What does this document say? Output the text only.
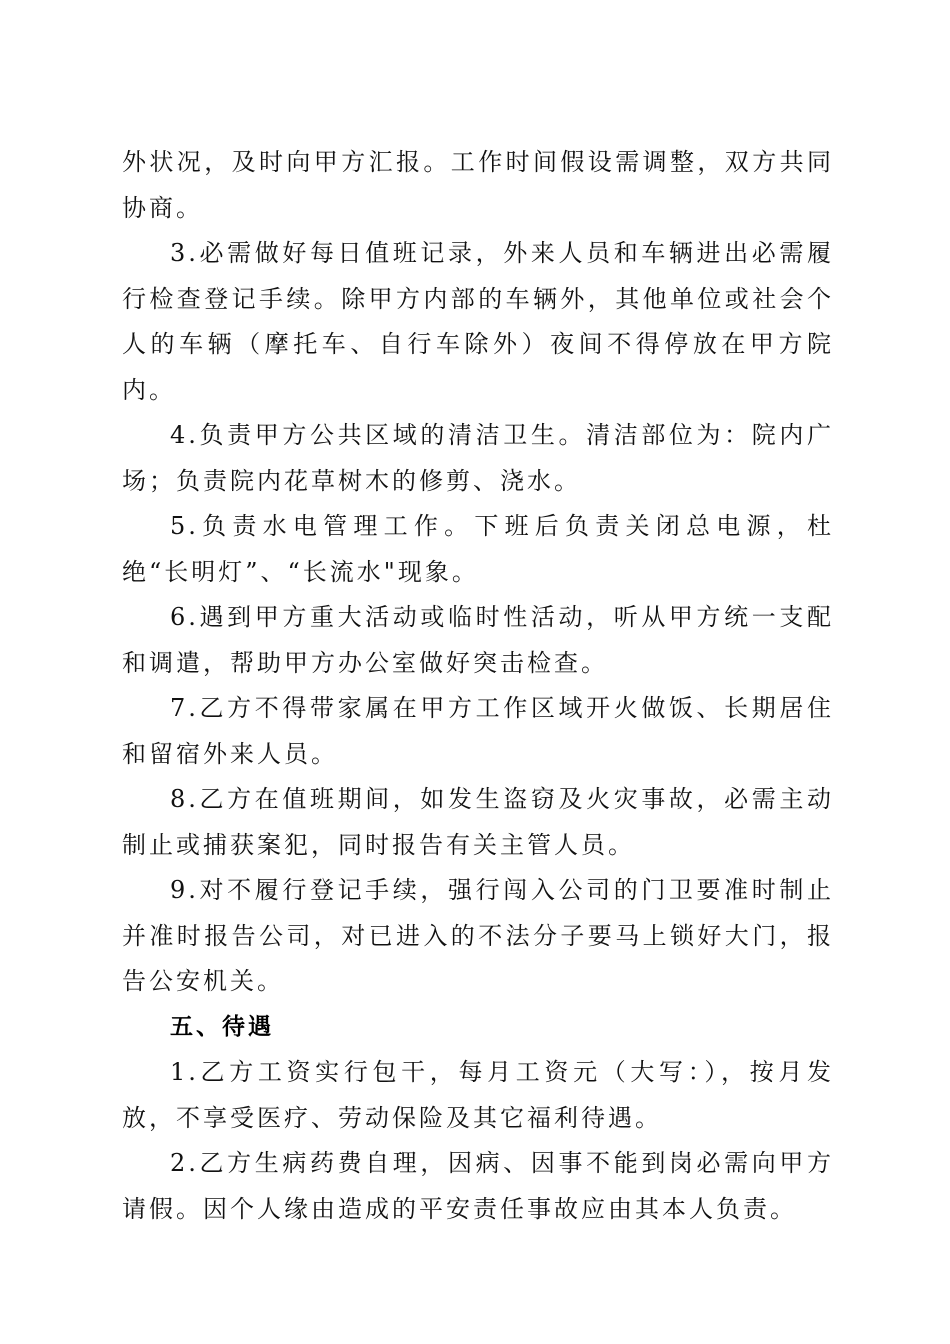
外状况，及时向甲方汇报。工作时间假设需调整，双方共同协商。

3.必需做好每日值班记录，外来人员和车辆进出必需履行检查登记手续。除甲方内部的车辆外，其他单位或社会个人的车辆（摩托车、自行车除外）夜间不得停放在甲方院内。

4.负责甲方公共区域的清洁卫生。清洁部位为：院内广场；负责院内花草树木的修剪、浇水。

5.负责水电管理工作。下班后负责关闭总电源，杜绝“长明灯”、“长流水"现象。

6.遇到甲方重大活动或临时性活动，听从甲方统一支配和调遣，帮助甲方办公室做好突击检查。

7.乙方不得带家属在甲方工作区域开火做饭、长期居住和留宿外来人员。

8.乙方在值班期间，如发生盗窃及火灾事故，必需主动制止或捕获案犯，同时报告有关主管人员。

9.对不履行登记手续，强行闯入公司的门卫要准时制止并准时报告公司，对已进入的不法分子要马上锁好大门，报告公安机关。

五、待遇

1.乙方工资实行包干，每月工资元（大写：），按月发放，不享受医疗、劳动保险及其它福利待遇。

2.乙方生病药费自理，因病、因事不能到岗必需向甲方请假。因个人缘由造成的平安责任事故应由其本人负责。
